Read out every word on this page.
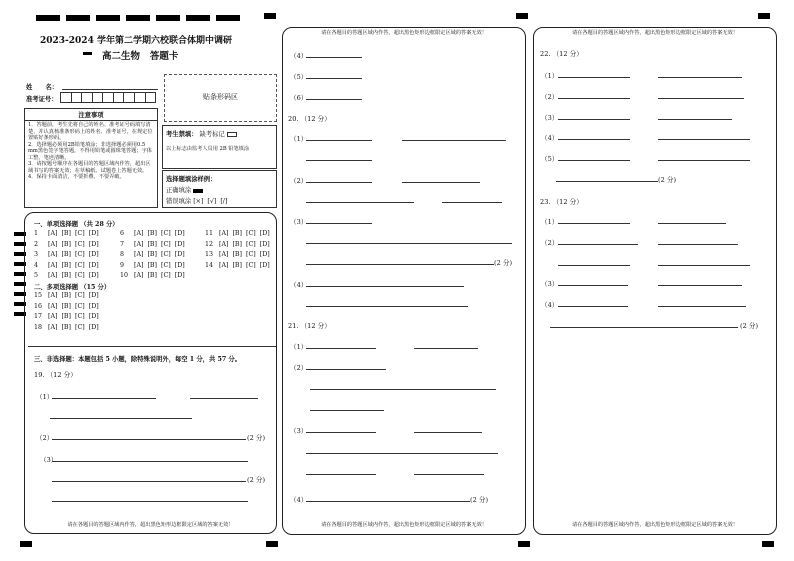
2023-2024 学年第二学期六校联合体期中调研
高二生物   答题卡
姓      名：
准考证号：	贴条形码区
注意事项
1．答题前，考生先将自己的姓名、准考证号码填写清楚，并认真核准条形码上的姓名、准考证号，在规定位置贴好条形码。
2．选择题必须用2B铅笔填涂；非选择题必须用0.5 mm黑色签字笔答题，不得用铅笔或圆珠笔答题；字体工整、笔迹清晰。
3．请按题号顺序在各题目的答题区域内作答，超出区域书写的答案无效；在草稿纸、试题卷上答题无效。
4．保持卡面清洁，不要折叠、不要弄破。
考生禁填： 缺考标记
以上标志由监考人员用 2B 铅笔填涂
选择题填涂样例：
正确填涂
错误填涂 [×]  [√]  [/]
一、单项选择题 （共 28 分）
1 [A] [B] [C] [D]
2 [A] [B] [C] [D]
3 [A] [B] [C] [D]
4 [A] [B] [C] [D]
5 [A] [B] [C] [D]
6 [A] [B] [C] [D]
7 [A] [B] [C] [D]
8 [A] [B] [C] [D]
9 [A] [B] [C] [D]
10 [A] [B] [C] [D]
11 [A] [B] [C] [D]
12 [A] [B] [C] [D]
13 [A] [B] [C] [D]
14 [A] [B] [C] [D]
二、多项选择题 （15 分）
15 [A] [B] [C] [D]
16 [A] [B] [C] [D]
17 [A] [B] [C] [D]
18 [A] [B] [C] [D]
三、非选择题：本题包括 5 小题，除特殊说明外，每空 1 分，共 57 分。
19. （12 分）
（1）
（2）	(2 分)
（3）
(2 分)
请在各题目的答题区域内作答，超出黑色矩形边框限定区域的答案无效！
请在各题目的答题区域内作答，超出黑色矩形边框限定区域的答案无效！
（4）
（5）
（6）
20. （12 分）
（1）
（2）
（3）
(2 分)
（4）
21. （12 分）
（1）
（2）
（3）
（4）	(2 分)
请在各题目的答题区域内作答，超出黑色矩形边框限定区域的答案无效！
请在各题目的答题区域内作答，超出黑色矩形边框限定区域的答案无效！
22. （12 分）
（1）
（2）
（3）
（4）
（5）
(2 分)
23. （12 分）
（1）
（2）
（3）
（4）
(2 分)
请在各题目的答题区域内作答，超出黑色矩形边框限定区域的答案无效！
